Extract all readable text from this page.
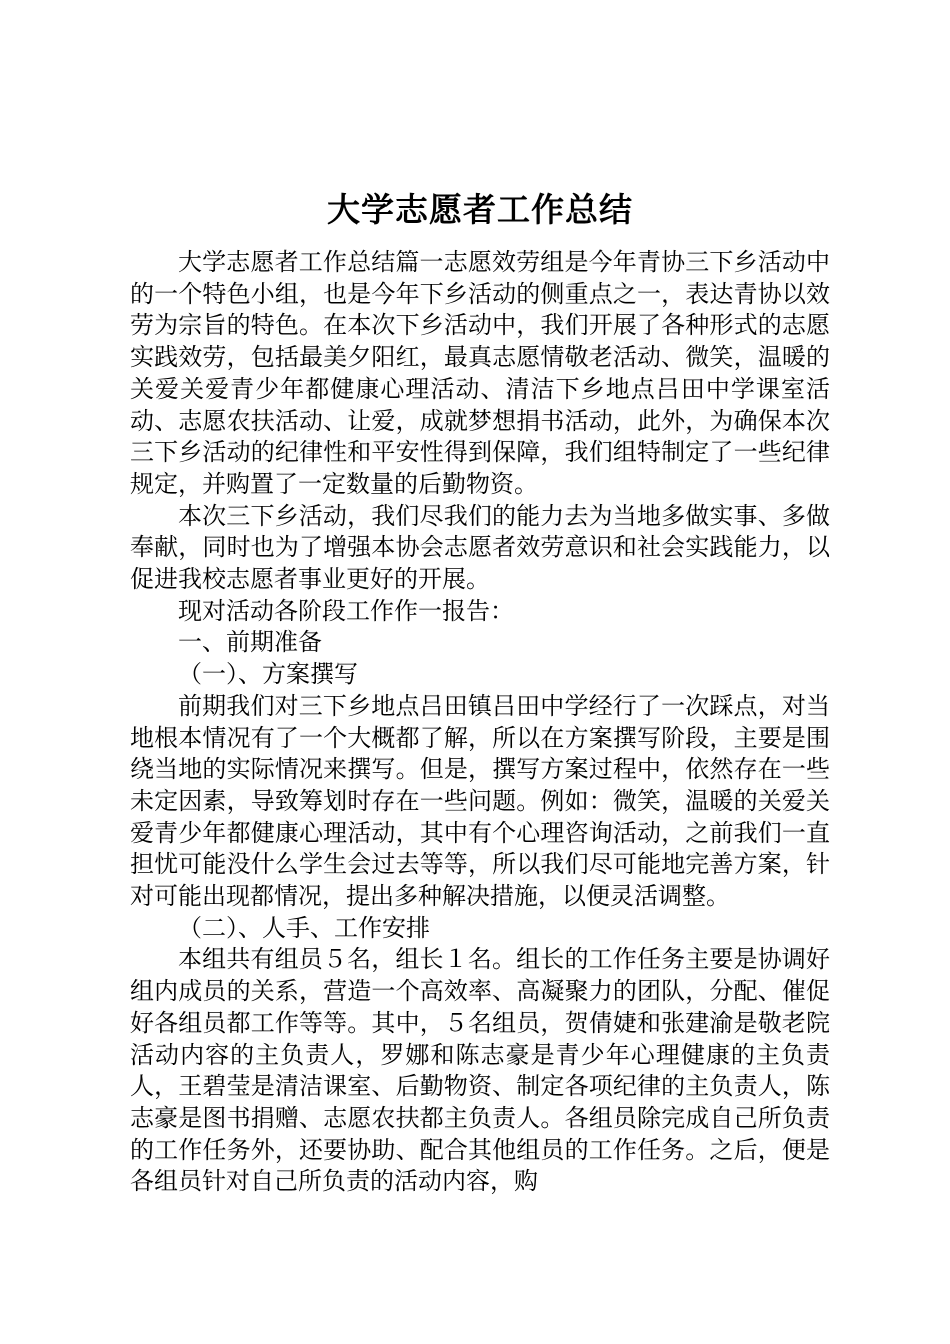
大学志愿者工作总结

大学志愿者工作总结篇一志愿效劳组是今年青协三下乡活动中的一个特色小组，也是今年下乡活动的侧重点之一，表达青协以效劳为宗旨的特色。在本次下乡活动中，我们开展了各种形式的志愿实践效劳，包括最美夕阳红，最真志愿情敬老活动、微笑，温暖的关爱关爱青少年都健康心理活动、清洁下乡地点吕田中学课室活动、志愿农扶活动、让爱，成就梦想捐书活动，此外，为确保本次三下乡活动的纪律性和平安性得到保障，我们组特制定了一些纪律规定，并购置了一定数量的后勤物资。

本次三下乡活动，我们尽我们的能力去为当地多做实事、多做奉献，同时也为了增强本协会志愿者效劳意识和社会实践能力，以促进我校志愿者事业更好的开展。

现对活动各阶段工作作一报告：

一、前期准备

（一）、方案撰写

前期我们对三下乡地点吕田镇吕田中学经行了一次踩点，对当地根本情况有了一个大概都了解，所以在方案撰写阶段，主要是围绕当地的实际情况来撰写。但是，撰写方案过程中，依然存在一些未定因素，导致筹划时存在一些问题。例如：微笑，温暖的关爱关爱青少年都健康心理活动，其中有个心理咨询活动，之前我们一直担忧可能没什么学生会过去等等，所以我们尽可能地完善方案，针对可能出现都情况，提出多种解决措施，以便灵活调整。

（二）、人手、工作安排

本组共有组员５名，组长１名。组长的工作任务主要是协调好组内成员的关系，营造一个高效率、高凝聚力的团队，分配、催促好各组员都工作等等。其中，５名组员，贺倩婕和张建渝是敬老院活动内容的主负责人，罗娜和陈志豪是青少年心理健康的主负责人，王碧莹是清洁课室、后勤物资、制定各项纪律的主负责人，陈志豪是图书捐赠、志愿农扶都主负责人。各组员除完成自己所负责的工作任务外，还要协助、配合其他组员的工作任务。之后，便是各组员针对自己所负责的活动内容，购
